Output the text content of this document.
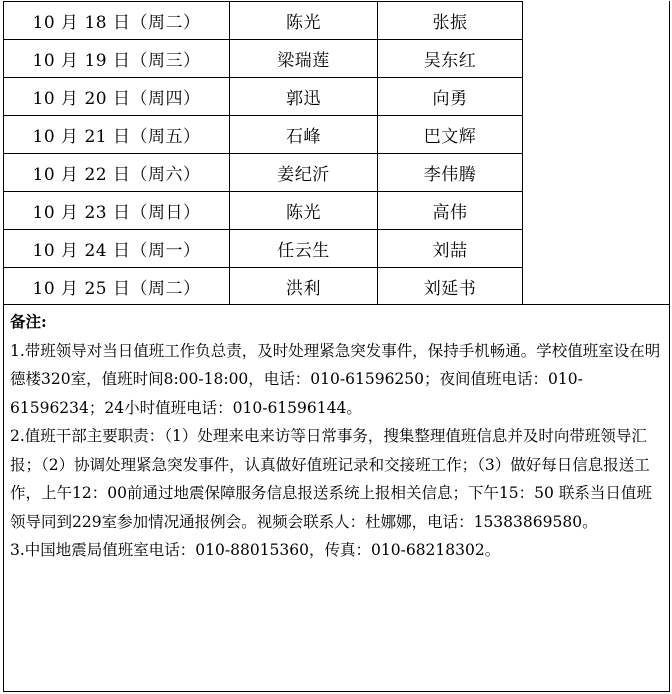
10 月 18 日（周二）	陈光	张振
10 月 19 日（周三）	梁瑞莲	吴东红
10 月 20 日（周四）	郭迅	向勇
10 月 21 日（周五）	石峰	巴文辉
10 月 22 日（周六）	姜纪沂	李伟腾
10 月 23 日（周日）	陈光	高伟
10 月 24 日（周一）	任云生	刘喆
10 月 25 日（周二）	洪利	刘延书

备注:

1.带班领导对当日值班工作负总责，及时处理紧急突发事件，保持手机畅通。学校值班室设在明德楼320室，值班时间8:00-18:00，电话：010-61596250；夜间值班电话：010-61596234；24小时值班电话：010-61596144。

2.值班干部主要职责：（1）处理来电来访等日常事务，搜集整理值班信息并及时向带班领导汇报；（2）协调处理紧急突发事件，认真做好值班记录和交接班工作；（3）做好每日信息报送工作，上午12：00前通过地震保障服务信息报送系统上报相关信息；下午15：50 联系当日值班领导同到229室参加情况通报例会。视频会联系人：杜娜娜，电话：15383869580。

3.中国地震局值班室电话：010-88015360，传真：010-68218302。
